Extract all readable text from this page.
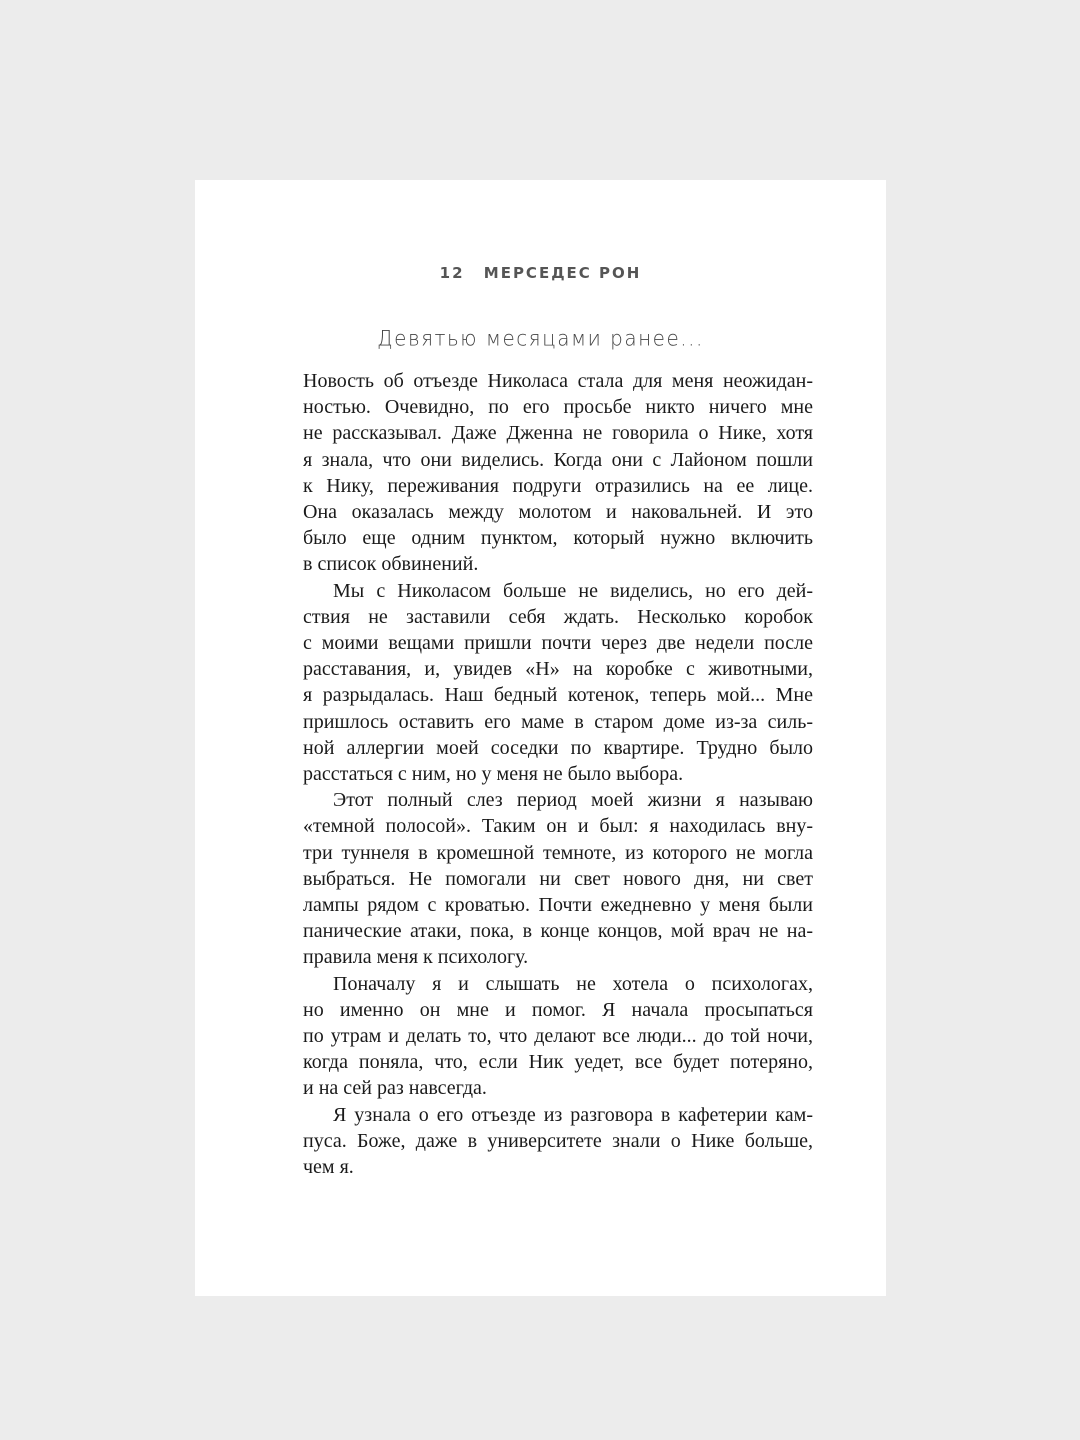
12 МЕРСЕДЕС РОН
Девятью месяцами ранее...
Новость об отъезде Николаса стала для меня неожидан-
ностью. Очевидно, по его просьбе никто ничего мне
не рассказывал. Даже Дженна не говорила о Нике, хотя
я знала, что они виделись. Когда они с Лайоном пошли
к Нику, переживания подруги отразились на ее лице.
Она оказалась между молотом и наковальней. И это
было еще одним пунктом, который нужно включить
в список обвинений.
Мы с Николасом больше не виделись, но его дей-
ствия не заставили себя ждать. Несколько коробок
с моими вещами пришли почти через две недели после
расставания, и, увидев «Н» на коробке с животными,
я разрыдалась. Наш бедный котенок, теперь мой... Мне
пришлось оставить его маме в старом доме из-за силь-
ной аллергии моей соседки по квартире. Трудно было
расстаться с ним, но у меня не было выбора.
Этот полный слез период моей жизни я называю
«темной полосой». Таким он и был: я находилась вну-
три туннеля в кромешной темноте, из которого не могла
выбраться. Не помогали ни свет нового дня, ни свет
лампы рядом с кроватью. Почти ежедневно у меня были
панические атаки, пока, в конце концов, мой врач не на-
правила меня к психологу.
Поначалу я и слышать не хотела о психологах,
но именно он мне и помог. Я начала просыпаться
по утрам и делать то, что делают все люди... до той ночи,
когда поняла, что, если Ник уедет, все будет потеряно,
и на сей раз навсегда.
Я узнала о его отъезде из разговора в кафетерии кам-
пуса. Боже, даже в университете знали о Нике больше,
чем я.
